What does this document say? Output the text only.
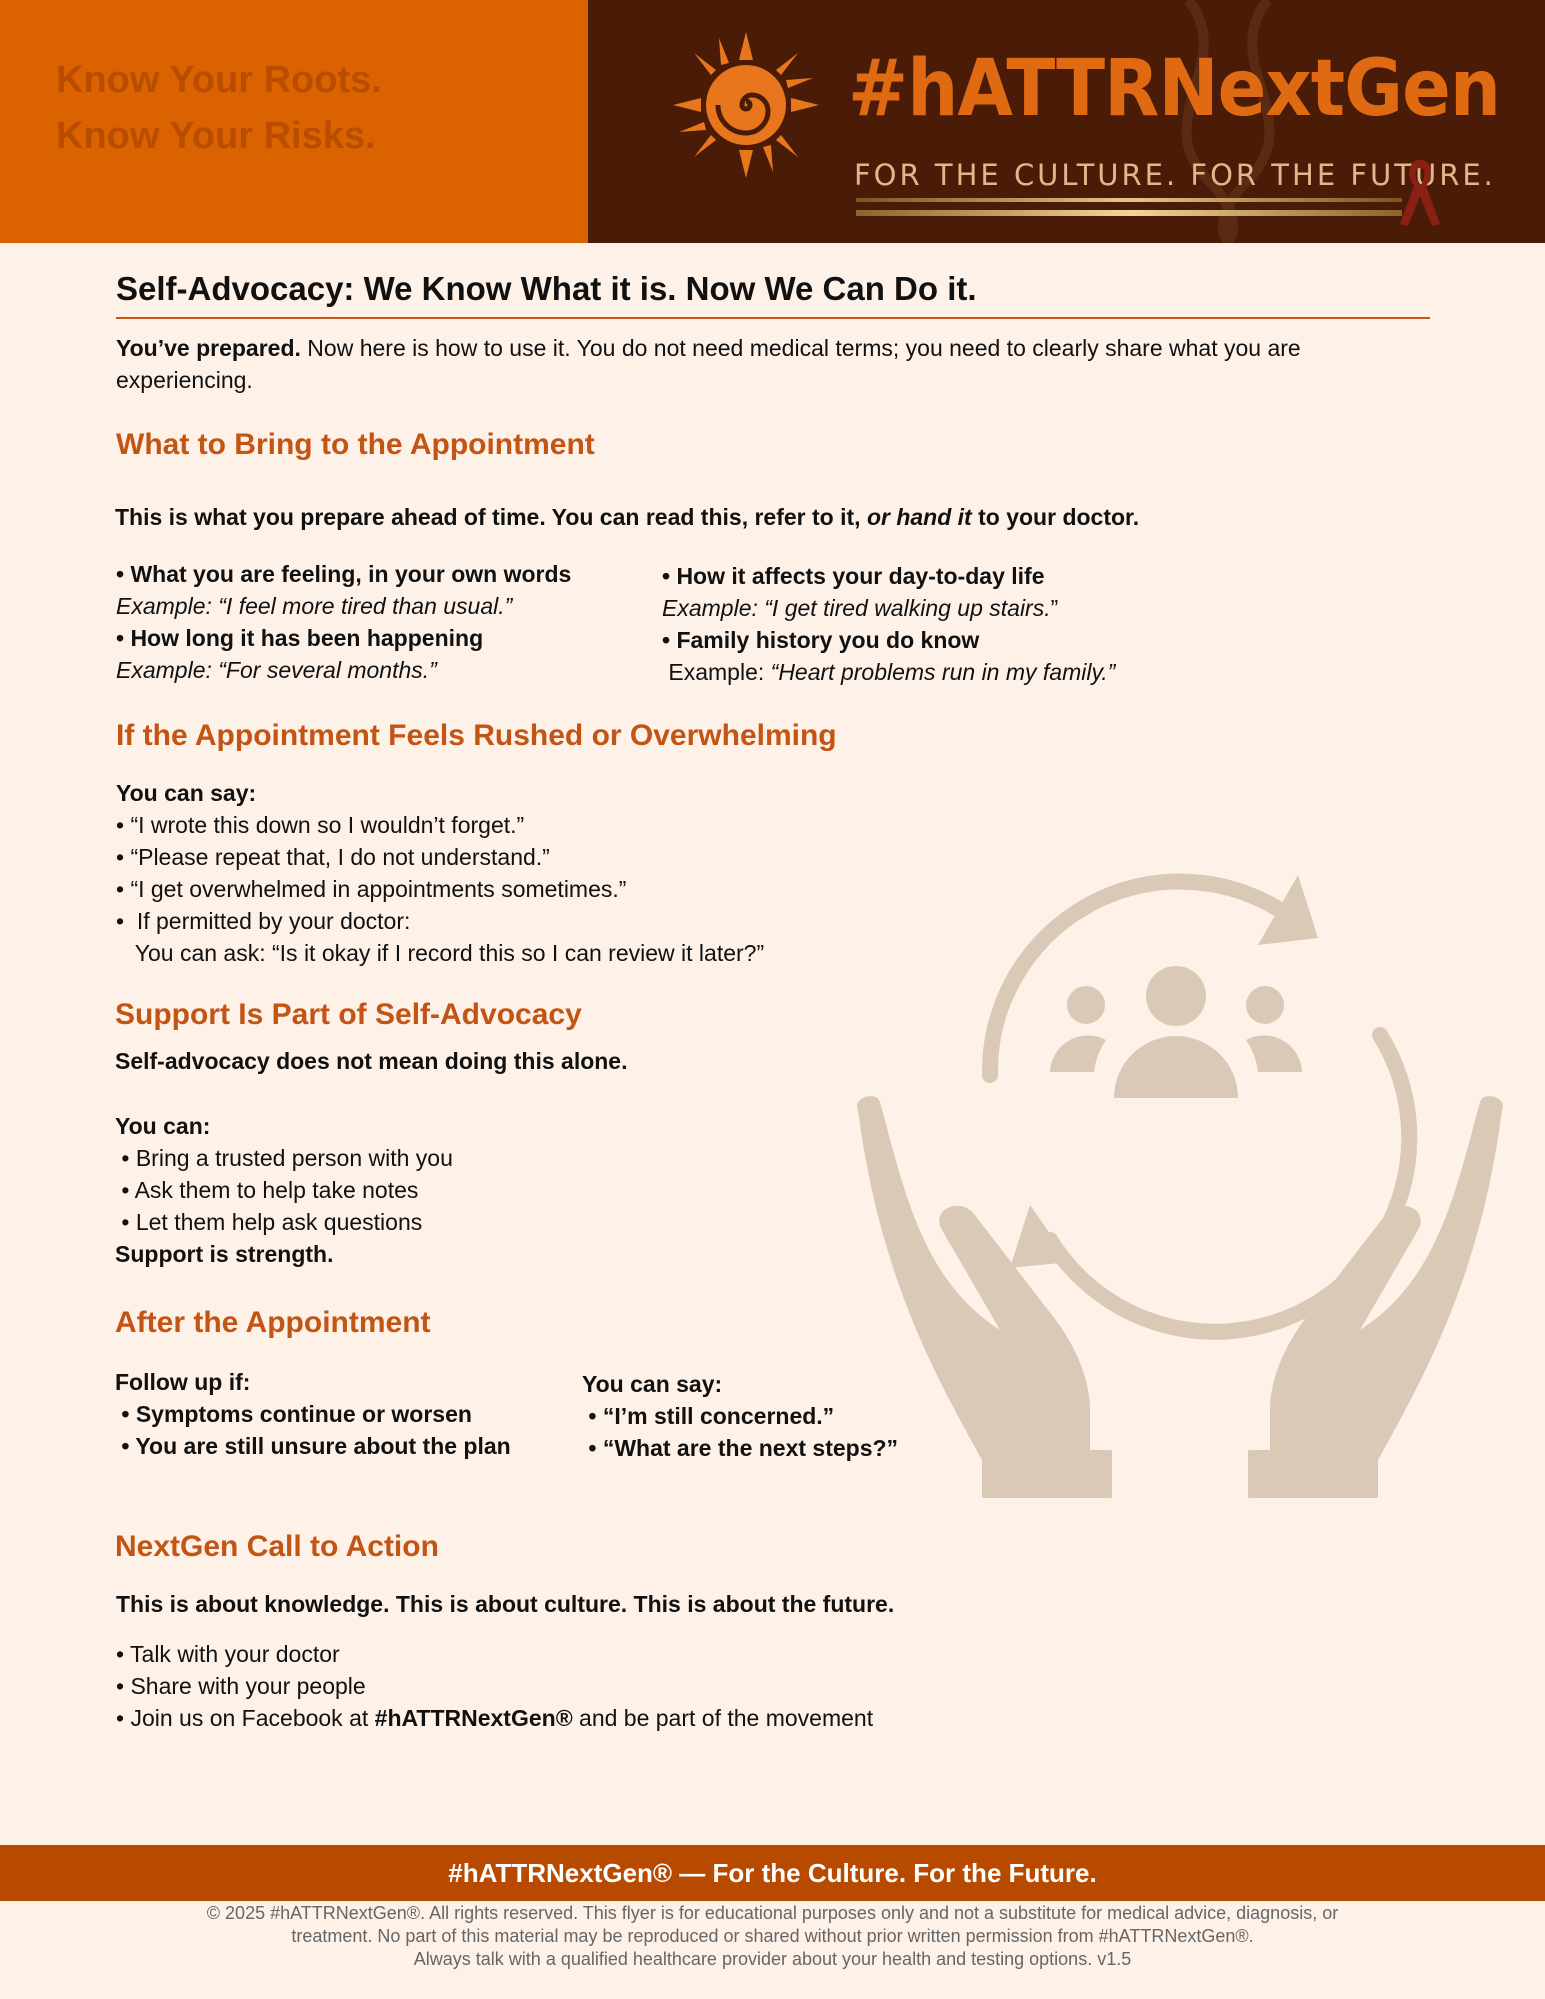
Know Your Roots.
Know Your Risks.
#hATTRNextGen
FOR THE CULTURE. FOR THE FUTURE.
Self-Advocacy: We Know What it is. Now We Can Do it.

You’ve prepared. Now here is how to use it. You do not need medical terms; you need to clearly share what you are experiencing.

What to Bring to the Appointment

This is what you prepare ahead of time. You can read this, refer to it, or hand it to your doctor.

• What you are feeling, in your own words

Example: “I feel more tired than usual.”

• How long it has been happening

Example: “For several months.”

• How it affects your day-to-day life

Example: “I get tired walking up stairs.”

• Family history you do know

Example: “Heart problems run in my family.”

If the Appointment Feels Rushed or Overwhelming

You can say:

• “I wrote this down so I wouldn’t forget.”

• “Please repeat that, I do not understand.”

• “I get overwhelmed in appointments sometimes.”

•  If permitted by your doctor:

You can ask: “Is it okay if I record this so I can review it later?”

Support Is Part of Self-Advocacy

Self-advocacy does not mean doing this alone.

You can:

• Bring a trusted person with you

• Ask them to help take notes

• Let them help ask questions

Support is strength.

After the Appointment

Follow up if:

• Symptoms continue or worsen

• You are still unsure about the plan

You can say:

• “I’m still concerned.”

• “What are the next steps?”

NextGen Call to Action

This is about knowledge. This is about culture. This is about the future.

• Talk with your doctor

• Share with your people

• Join us on Facebook at #hATTRNextGen® and be part of the movement

#hATTRNextGen® — For the Culture. For the Future.
© 2025 #hATTRNextGen®. All rights reserved. This flyer is for educational purposes only and not a substitute for medical advice, diagnosis, or
treatment. No part of this material may be reproduced or shared without prior written permission from #hATTRNextGen®.
Always talk with a qualified healthcare provider about your health and testing options. v1.5
